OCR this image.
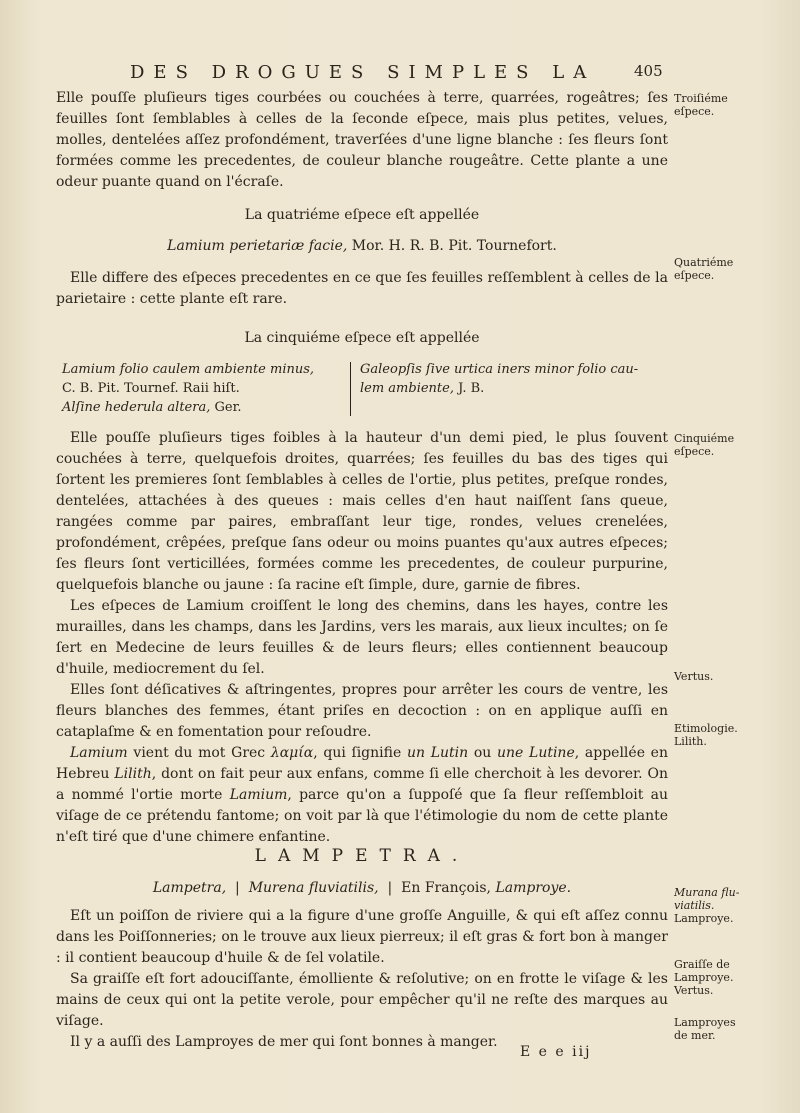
DES DROGUES SIMPLES LA	405

Elle pouſſe pluſieurs tiges courbées ou couchées à terre, quarrées, rogeâtres; ſes feuilles ſont ſemblables à celles de la ſeconde eſpece, mais plus petites, velues, molles, dentelées aſſez profondément, traverſées d'une ligne blanche : ſes fleurs ſont formées comme les precedentes, de couleur blanche rougeâtre. Cette plante a une odeur puante quand on l'écraſe.

La quatriéme eſpece eſt appellée

Lamium perietariæ facie, Mor. H. R. B. Pit. Tournefort.

Elle differe des eſpeces precedentes en ce que ſes feuilles reſſemblent à celles de la parietaire : cette plante eſt rare.

La cinquiéme eſpece eſt appellée

Lamium folio caulem ambiente minus,
C. B. Pit. Tournef. Raii hiſt.
Alſine hederula altera, Ger.
Galeopſis ſive urtica iners minor folio cau-
lem ambiente, J. B.

Elle pouſſe pluſieurs tiges foibles à la hauteur d'un demi pied, le plus ſouvent couchées à terre, quelquefois droites, quarrées; ſes feuilles du bas des tiges qui ſortent les premieres ſont ſemblables à celles de l'ortie, plus petites, preſque rondes, dentelées, attachées à des queues : mais celles d'en haut naiſſent ſans queue, rangées comme par paires, embraſſant leur tige, rondes, velues crenelées, profondément, crêpées, preſque ſans odeur ou moins puantes qu'aux autres eſpeces; ſes fleurs ſont verticillées, formées comme les precedentes, de couleur purpurine, quelquefois blanche ou jaune : ſa racine eſt ſimple, dure, garnie de fibres.

Les eſpeces de Lamium croiſſent le long des chemins, dans les hayes, contre les murailles, dans les champs, dans les Jardins, vers les marais, aux lieux incultes; on ſe ſert en Medecine de leurs feuilles & de leurs fleurs; elles contiennent beaucoup d'huile, mediocrement du ſel.

Elles ſont déſicatives & aſtringentes, propres pour arrêter les cours de ventre, les fleurs blanches des femmes, étant priſes en decoction : on en applique auſſi en cataplaſme & en fomentation pour reſoudre.

Lamium vient du mot Grec λαμία, qui ſignifie un Lutin ou une Lutine, appellée en Hebreu Lilith, dont on fait peur aux enfans, comme ſi elle cherchoit à les devorer. On a nommé l'ortie morte Lamium, parce qu'on a ſuppoſé que ſa fleur reſſembloit au viſage de ce prétendu fantome; on voit par là que l'étimologie du nom de cette plante n'eſt tiré que d'une chimere enfantine.

LAMPETRA.

Lampetra,  |  Murena fluviatilis,  |  En François, Lamproye.

Eſt un poiſſon de riviere qui a la figure d'une groſſe Anguille, & qui eſt aſſez connu dans les Poiſſonneries; on le trouve aux lieux pierreux; il eſt gras & fort bon à manger : il contient beaucoup d'huile & de ſel volatile.

Sa graiſſe eſt fort adouciſſante, émolliente & reſolutive; on en frotte le viſage & les mains de ceux qui ont la petite verole, pour empêcher qu'il ne reſte des marques au viſage.

Il y a auſſi des Lamproyes de mer qui ſont bonnes à manger.

E e e iij
Troiſiéme
eſpece.
Quatriéme
eſpece.
Cinquiéme
eſpece.
Vertus.
Etimologie.
Lilith.
Murana flu-
viatilis.
Lamproye.
Graiſſe de
Lamproye.
Vertus.
Lamproyes
de mer.
